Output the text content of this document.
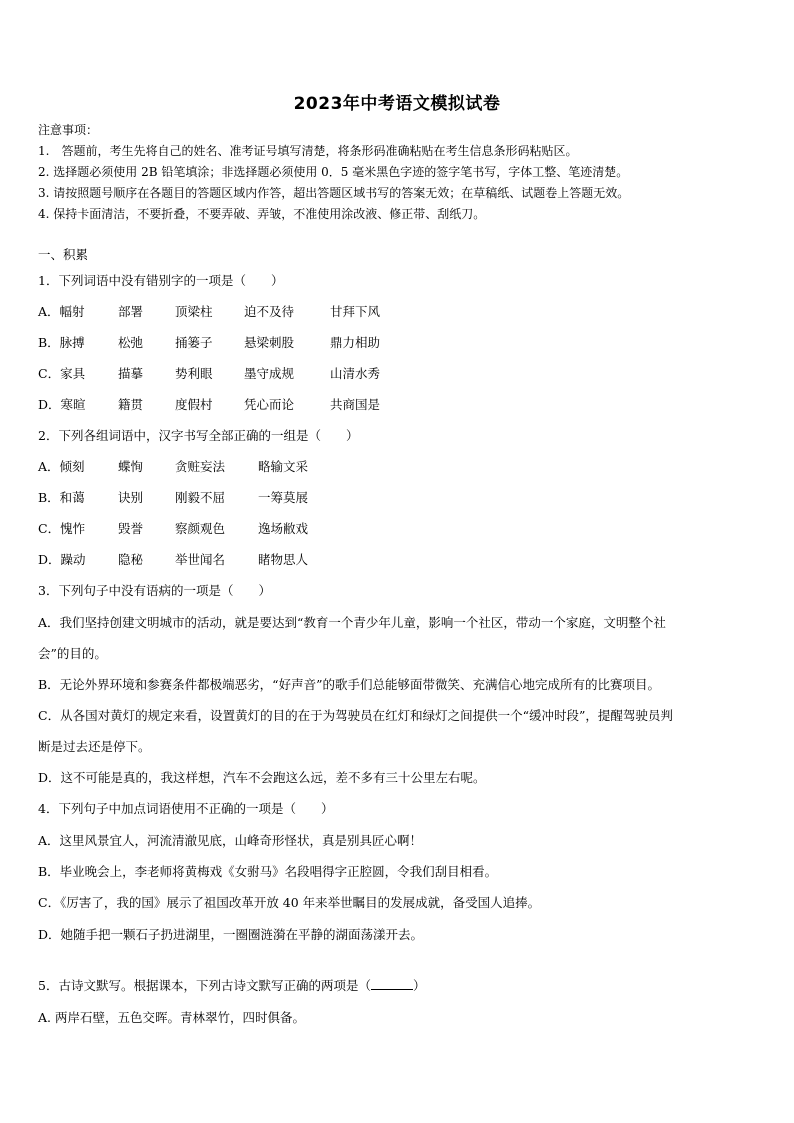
2023年中考语文模拟试卷
注意事项：
1.　答题前，考生先将自己的姓名、准考证号填写清楚，将条形码准确粘贴在考生信息条形码粘贴区。
2. 选择题必须使用 2B 铅笔填涂；非选择题必须使用 0．5 毫米黑色字迹的签字笔书写，字体工整、笔迹清楚。
3. 请按照题号顺序在各题目的答题区域内作答，超出答题区域书写的答案无效；在草稿纸、试题卷上答题无效。
4. 保持卡面清洁，不要折叠，不要弄破、弄皱，不准使用涂改液、修正带、刮纸刀。
一、积累
1．下列词语中没有错别字的一项是（　　）
A．幅射	部署	顶梁柱	迫不及待	甘拜下风
B．脉搏	松弛	捅篓子	悬梁刺股	鼎力相助
C．家具	描摹	势利眼	墨守成规	山清水秀
D．寒暄	籍贯	度假村	凭心而论	共商国是
2．下列各组词语中，汉字书写全部正确的一组是（　　）
A．倾刻	蝶恂	贪赃妄法	略输文采
B．和蔼	诀别	刚毅不屈	一筹莫展
C．愧怍	毁誉	察颜观色	逸场敝戏
D．躁动	隐秘	举世闻名	睹物思人
3．下列句子中没有语病的一项是（　　）
A．我们坚持创建文明城市的活动，就是要达到“教育一个青少年儿童，影响一个社区，带动一个家庭，文明整个社
会”的目的。
B．无论外界环境和参赛条件都极端恶劣，“好声音”的歌手们总能够面带微笑、充满信心地完成所有的比赛项目。
C．从各国对黄灯的规定来看，设置黄灯的目的在于为驾驶员在红灯和绿灯之间提供一个“缓冲时段”，提醒驾驶员判
断是过去还是停下。
D．这不可能是真的，我这样想，汽车不会跑这么远，差不多有三十公里左右呢。
4．下列句子中加点词语使用不正确的一项是（　　）
A．这里风景宜人，河流清澈见底，山峰奇形怪状，真是别具匠心啊！
B．毕业晚会上，李老师将黄梅戏《女驸马》名段唱得字正腔圆，令我们刮目相看。
C．《厉害了，我的国》展示了祖国改革开放 40 年来举世瞩目的发展成就，备受国人追捧。
D．她随手把一颗石子扔进湖里，一圈圈涟漪在平静的湖面荡漾开去。
5．古诗文默写。根据课本，下列古诗文默写正确的两项是（	）
A. 两岸石壁，五色交晖。青林翠竹，四时俱备。
